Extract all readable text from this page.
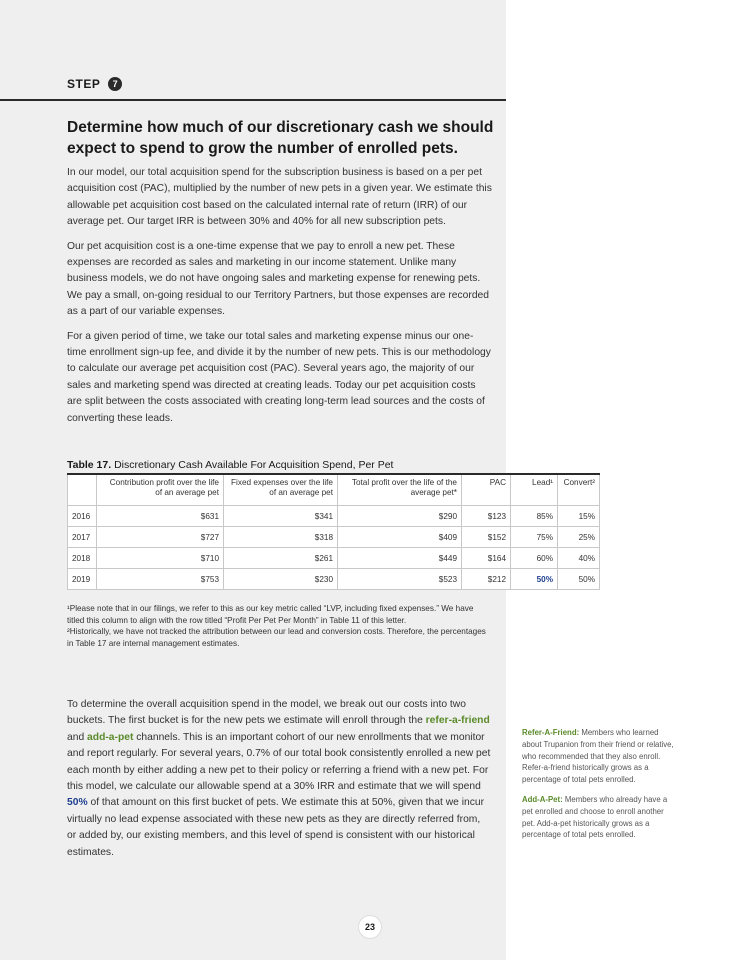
STEP	7
Determine how much of our discretionary cash we should expect to spend to grow the number of enrolled pets.

In our model, our total acquisition spend for the subscription business is based on a per pet acquisition cost (PAC), multiplied by the number of new pets in a given year. We estimate this allowable pet acquisition cost based on the calculated internal rate of return (IRR) of our average pet. Our target IRR is between 30% and 40% for all new subscription pets.

Our pet acquisition cost is a one-time expense that we pay to enroll a new pet. These expenses are recorded as sales and marketing in our income statement. Unlike many business models, we do not have ongoing sales and marketing expense for renewing pets. We pay a small, on-going residual to our Territory Partners, but those expenses are recorded as a part of our variable expenses.

For a given period of time, we take our total sales and marketing expense minus our one-time enrollment sign-up fee, and divide it by the number of new pets. This is our methodology to calculate our average pet acquisition cost (PAC). Several years ago, the majority of our sales and marketing spend was directed at creating leads. Today our pet acquisition costs are split between the costs associated with creating long-term lead sources and the costs of converting these leads.

Table 17. Discretionary Cash Available For Acquisition Spend, Per Pet
	Contribution profit over the life of an average pet	Fixed expenses over the life of an average pet	Total profit over the life of the average pet*	PAC	Lead¹	Convert²
2016	$631	$341	$290	$123	85%	15%
2017	$727	$318	$409	$152	75%	25%
2018	$710	$261	$449	$164	60%	40%
2019	$753	$230	$523	$212	50%	50%

¹Please note that in our filings, we refer to this as our key metric called “LVP, including fixed expenses.” We have titled this column to align with the row titled “Profit Per Pet Per Month” in Table 11 of this letter.

²Historically, we have not tracked the attribution between our lead and conversion costs. Therefore, the percentages in Table 17 are internal management estimates.

To determine the overall acquisition spend in the model, we break out our costs into two buckets. The first bucket is for the new pets we estimate will enroll through the refer-a-friend and add-a-pet channels. This is an important cohort of our new enrollments that we monitor and report regularly. For several years, 0.7% of our total book consistently enrolled a new pet each month by either adding a new pet to their policy or referring a friend with a new pet. For this model, we calculate our allowable spend at a 30% IRR and estimate that we will spend 50% of that amount on this first bucket of pets. We estimate this at 50%, given that we incur virtually no lead expense associated with these new pets as they are directly referred from, or added by, our existing members, and this level of spend is consistent with our historical estimates.

Refer-A-Friend: Members who learned about Trupanion from their friend or relative, who recommended that they also enroll. Refer-a-friend historically grows as a percentage of total pets enrolled.

Add-A-Pet: Members who already have a pet enrolled and choose to enroll another pet. Add-a-pet historically grows as a percentage of total pets enrolled.

23
